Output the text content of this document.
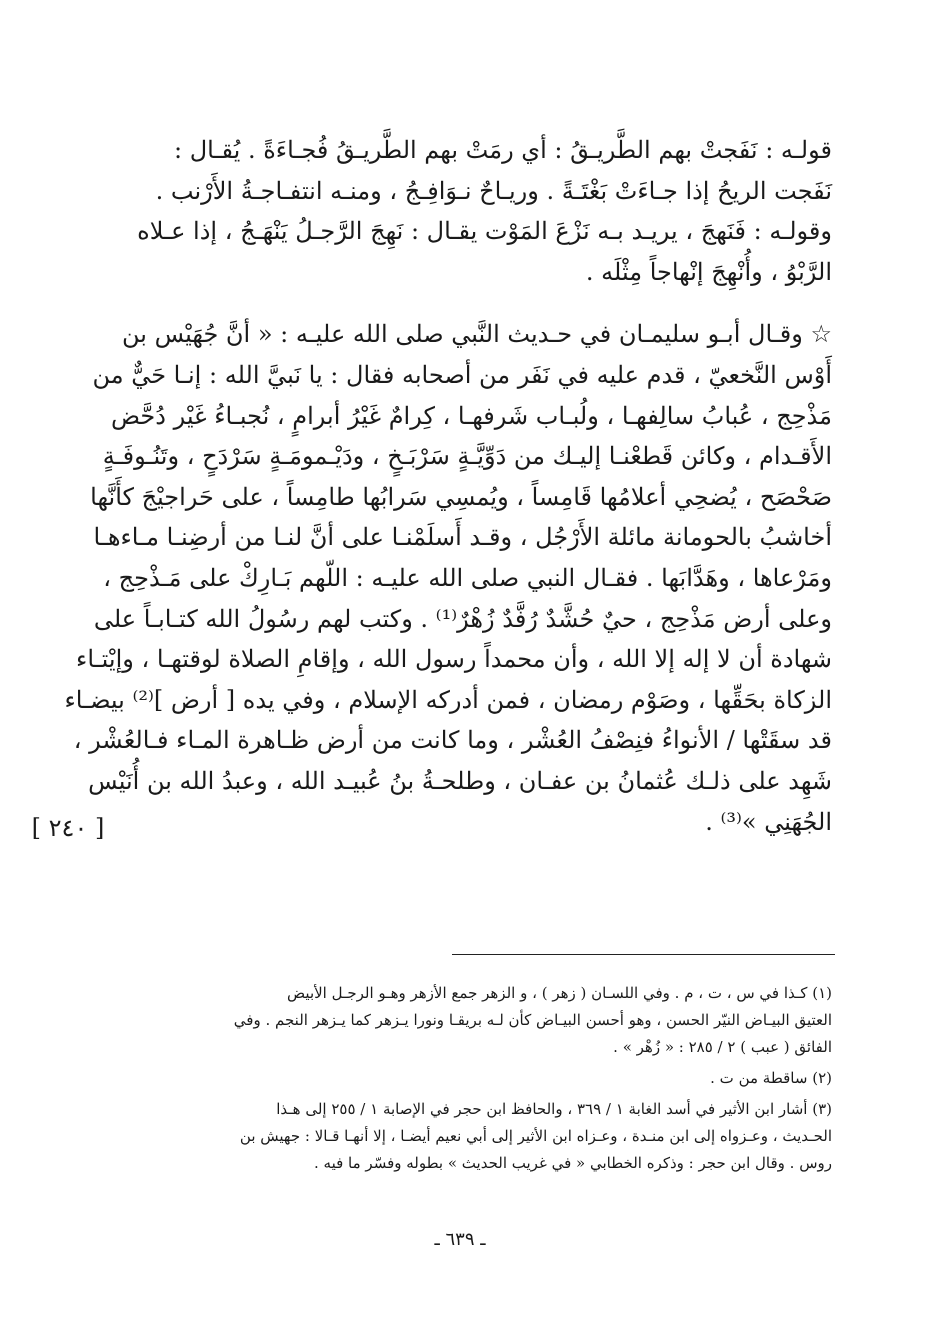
قولـه : نَفَجتْ بهم الطَّريـقُ : أي رمَتْ بهم الطَّريـقُ فُجـاءَةً . يُقـال :
نَفَجت الريحُ إذا جـاءَتْ بَغْتَـةً . وريـاحٌ نـوَافِـجُ ، ومنـه انتفـاجـةُ الأَرْنب .
وقولـه : فَنَهجَ ، يريـد بـه نَزْعَ المَوْت يقـال : نَهِجَ الرَّجـلُ يَنْهَـجُ ، إذا عـلاه
الرَّبْوُ ، وأُنْهِجَ إنْهاجاً مِثْلَه .
☆ وقـال أبـو سليمـان في حـديث النَّبي صلى الله عليـه : « أنَّ جُهَيْس بن
أَوْس النَّخعيّ ، قدم عليه في نَفَر من أصحابه فقال : يا نَبيَّ الله : إنـا حَيٌّ من
مَذْحِج ، عُبابُ سالِفهـا ، ولُبـاب شَرفهـا ، كِرامٌ غَيْرُ أبرامٍ ، نُجبـاءُ غَيْر دُحَّض
الأَقـدام ، وكائن قَطعْنـا إليـك من دَوِّيَّـةٍ سَرْبَـخٍ ، ودَيْـمومَـةٍ سَرْدَحٍ ، وتَنُـوفَـةٍ
صَحْصَح ، يُضحِي أعلامُها قَامِساً ، ويُمسِي سَرابُها طامِساً ، على حَراجيْجَ كأَنَّها
أخاشبُ بالحومانة مائلة الأَرْجُل ، وقـد أَسلَمْنـا على أنَّ لنـا من أرضِنـا مـاءهـا
ومَرْعاها ، وهَدَّابَها . فقـال النبي صلى الله عليـه : اللّهم بَـارِكْ على مَـذْحِج ،
وعلى أرض مَذْحِج ، حيٌ حُشَّدٌ رُفَّدٌ زُهْرٌ⁽¹⁾ . وكتب لهم رسُولُ الله كتـابـاً على
شهادة أن لا إله إلا الله ، وأن محمداً رسول الله ، وإقامِ الصلاة لوقتهـا ، وإيْتـاء
الزكاة بحَقِّها ، وصَوْم رمضان ، فمن أدركه الإسلام ، وفي يده [ أرض ]⁽²⁾ بيضـاء
قد سقَتْها / الأنواءُ فنِصْفُ العُشْر ، وما كانت من أرض ظـاهرة المـاء فـالعُشْر ،
شَهِد على ذلـك عُثمانُ بن عفـان ، وطلحـةُ بنُ عُبيـد الله ، وعبدُ الله بن أُنَيْس
الجُهَنِي »⁽³⁾ .
[ ٢٤٠ ]
(١) كـذا في س ، ت ، م . وفي اللسـان ( زهر ) ، و الزهر جمع الأزهر وهـو الرجـل الأبيض
العتيق البيـاض النيّر الحسن ، وهو أحسن البيـاض كأن لـه بريقـا ونورا يـزهر كما يـزهر النجم . وفي
الفائق ( عبب ) ٢ / ٢٨٥ : « زُهْر » .
(٢) ساقطة من ت .
(٣) أشار ابن الأثير في أسد الغابة ١ / ٣٦٩ ، والحافظ ابن حجر في الإصابة ١ / ٢٥٥ إلى هـذا
الحـديث ، وعـزواه إلى ابن منـدة ، وعـزاه ابن الأثير إلى أبي نعيم أيضـا ، إلا أنهـا قـالا : جهيش بن
روس . وقال ابن حجر : وذكره الخطابي « في غريب الحديث » بطوله وفسّر ما فيه .
ـ ٦٣٩ ـ
